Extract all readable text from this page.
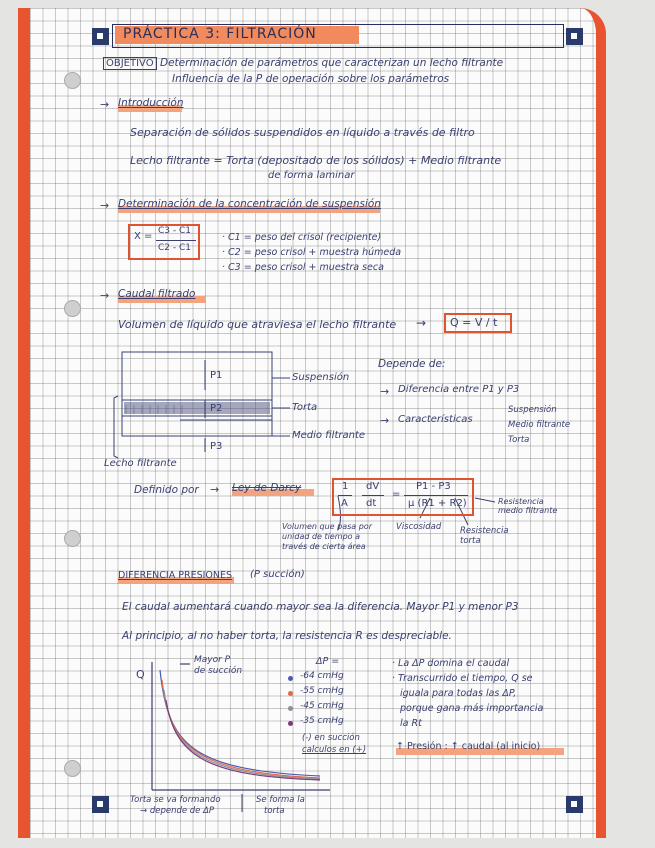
PRÁCTICA 3: FILTRACIÓN
OBJETIVO Determinación de parámetros que caracterizan un lecho filtrante
Influencia de la P de operación sobre los parámetros
→ Introducción
Separación de sólidos suspendidos en líquido a través de filtro
Lecho filtrante = Torta (depositado de los sólidos) + Medio filtrante
de forma laminar
→ Determinación de la concentración de suspensión
X = C3 - C1
C2 - C1
· C1 = peso del crisol (recipiente)
· C2 = peso crisol + muestra húmeda
· C3 = peso crisol + muestra seca
→ Caudal filtrado
Volumen de líquido que atraviesa el lecho filtrante → Q = V / t
P1
P2
P3
Suspensión
Torta
Medio filtrante
Lecho filtrante
Depende de:
→ Diferencia entre P1 y P3
→ Características
Suspensión
Medio filtrante
Torta
Definido por → Ley de Darcy	1
A
dV
dt
=
P1 - P3
μ (R1 + R2)
Volumen que pasa por unidad de tiempo a través de cierta área
Viscosidad Resistencia torta
Resistencia medio filtrante
DIFERENCIA PRESIONES (P succión)
El caudal aumentará cuando mayor sea la diferencia. Mayor P1 y menor P3
Al principio, al no haber torta, la resistencia R es despreciable.
Q
Mayor P
de succión
ΔP =
-64 cmHg
-55 cmHg
-45 cmHg
-35 cmHg
(-) en succión
calculos en (+)
Torta se va formando
→ depende de ΔP
Se forma la
torta
· La ΔP domina el caudal
· Transcurrido el tiempo, Q se
iguala para todas las ΔP,
porque gana más importancia
la Rt
↑ Presión : ↑ caudal (al inicio)
